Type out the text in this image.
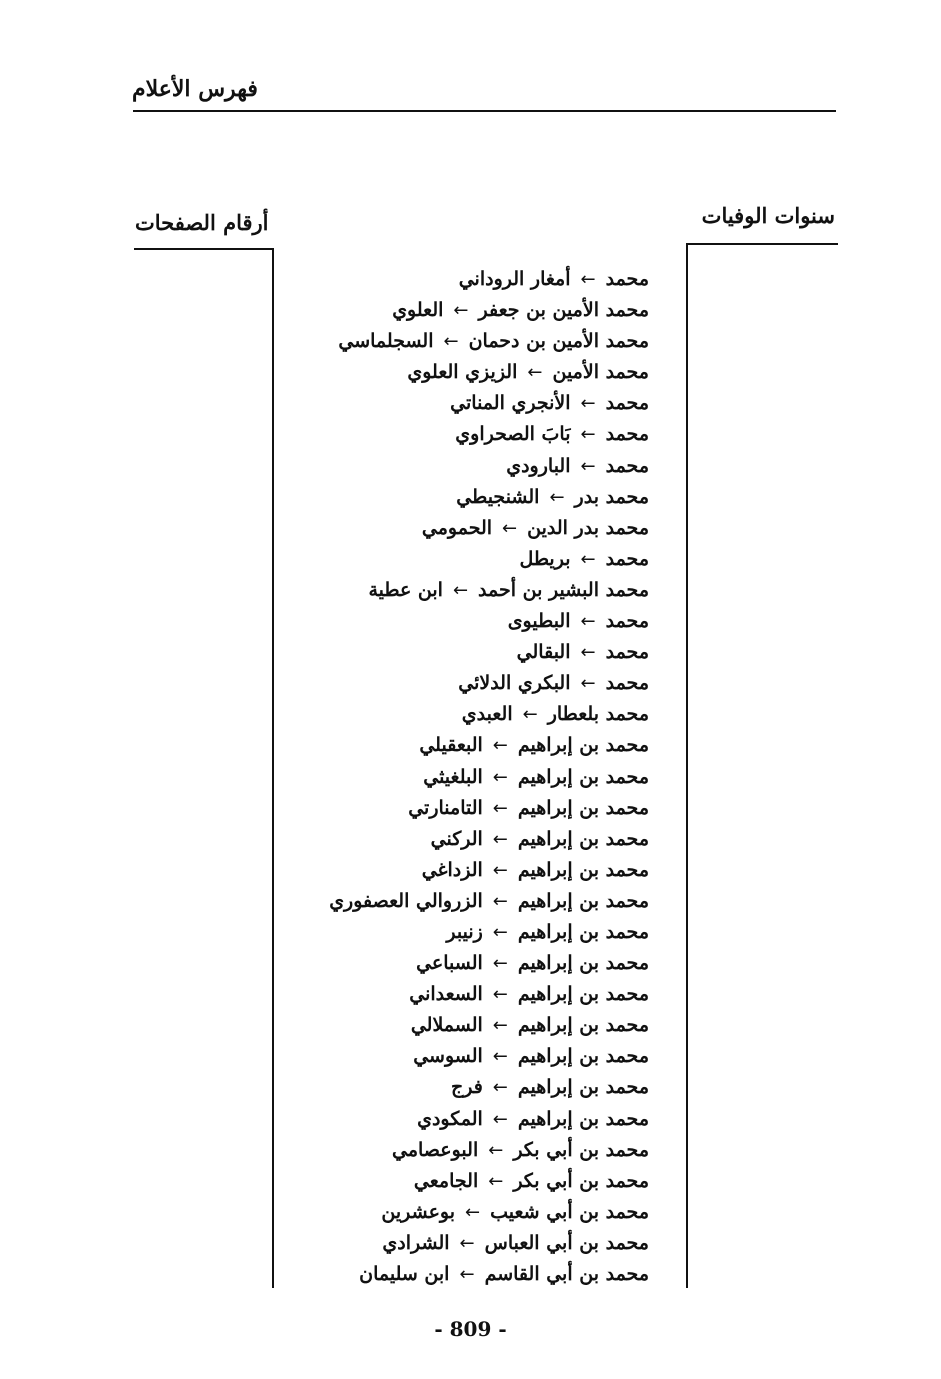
فهرس الأعلام
أرقام الصفحات	سنوات الوفيات
محمد←أمغار الروداني
محمد الأمين بن جعفر←العلوي
محمد الأمين بن دحمان←السجلماسي
محمد الأمين←الزيزي العلوي
محمد←الأنجري المناتي
محمد←بَابَ الصحراوي
محمد←البارودي
محمد بدر←الشنجيطي
محمد بدر الدين←الحمومي
محمد←بريطل
محمد البشير بن أحمد←ابن عطية
محمد←البطيوى
محمد←البقالي
محمد←البكري الدلائي
محمد بلعطار←العبدي
محمد بن إبراهيم←البعقيلي
محمد بن إبراهيم←البلغيثي
محمد بن إبراهيم←التامنارتي
محمد بن إبراهيم←الركني
محمد بن إبراهيم←الزداغي
محمد بن إبراهيم←الزروالي العصفوري
محمد بن إبراهيم←زنيبر
محمد بن إبراهيم←السباعي
محمد بن إبراهيم←السعداني
محمد بن إبراهيم←السملالي
محمد بن إبراهيم←السوسي
محمد بن إبراهيم←فرج
محمد بن إبراهيم←المكودي
محمد بن أبي بكر←البوعصامي
محمد بن أبي بكر←الجامعي
محمد بن أبي شعيب←بوعشرين
محمد بن أبي العباس←الشرادي
محمد بن أبي القاسم←ابن سليمان
- 809 -
